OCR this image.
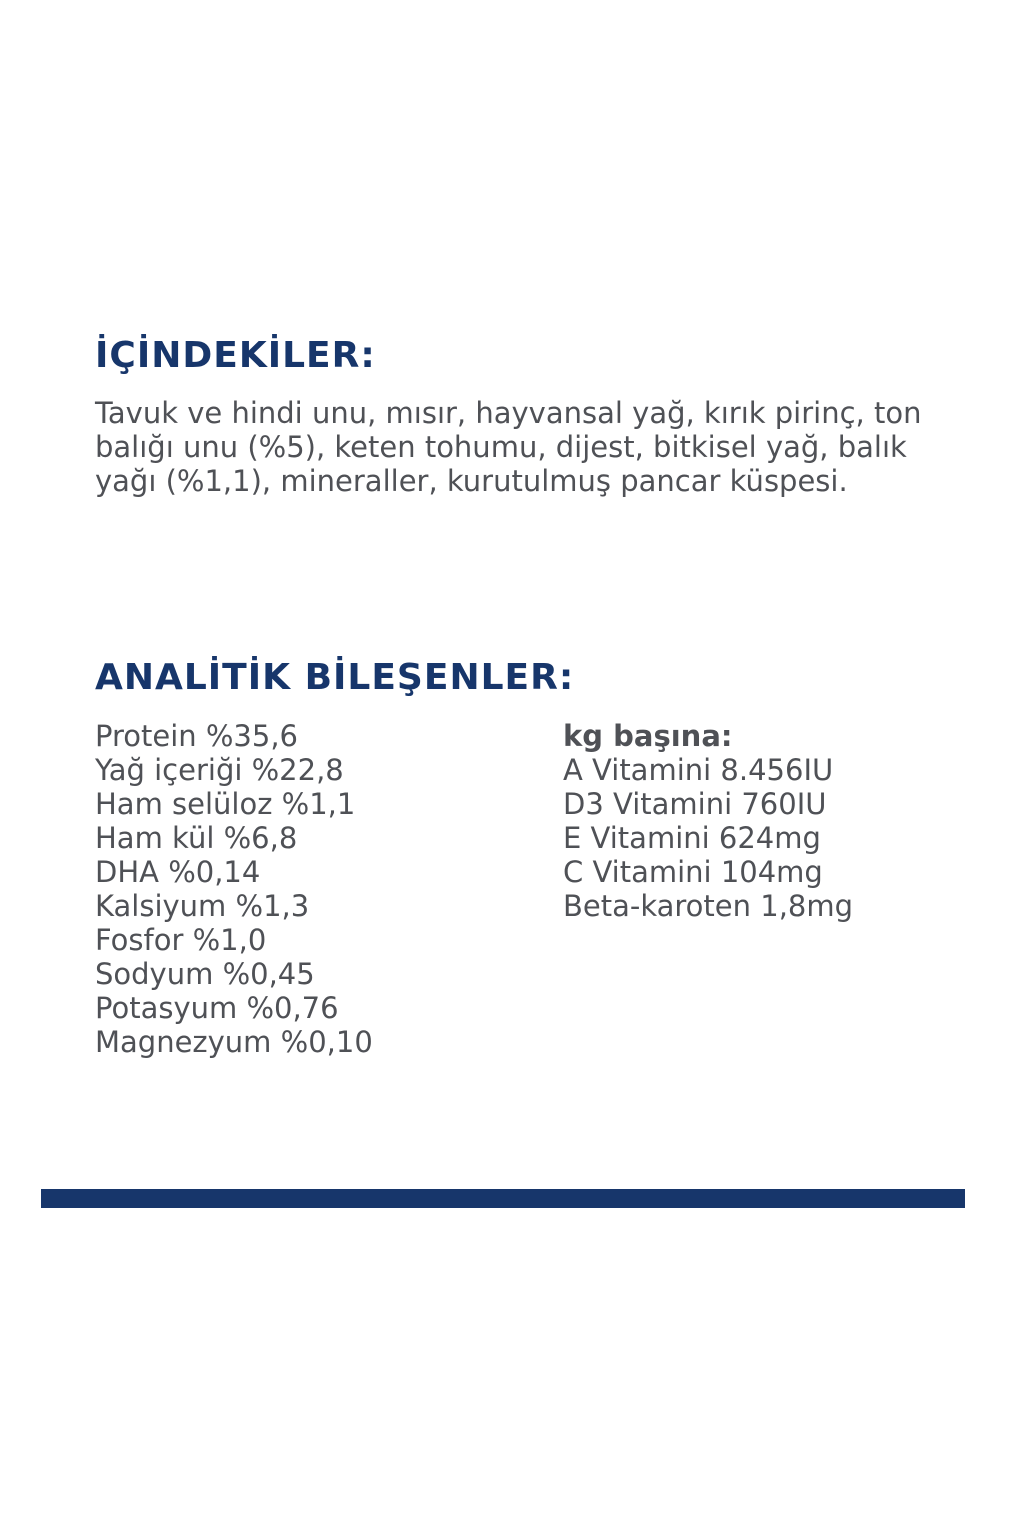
İÇİNDEKİLER:

Tavuk ve hindi unu, mısır, hayvansal yağ, kırık pirinç, ton balığı unu (%5), keten tohumu, dijest, bitkisel yağ, balık yağı (%1,1), mineraller, kurutulmuş pancar küspesi.

ANALİTİK BİLEŞENLER:
Protein %35,6
Yağ içeriği %22,8
Ham selüloz %1,1
Ham kül %6,8
DHA %0,14
Kalsiyum %1,3
Fosfor %1,0
Sodyum %0,45
Potasyum %0,76
Magnezyum %0,10
kg başına:
A Vitamini 8.456IU
D3 Vitamini 760IU
E Vitamini 624mg
C Vitamini 104mg
Beta-karoten 1,8mg
